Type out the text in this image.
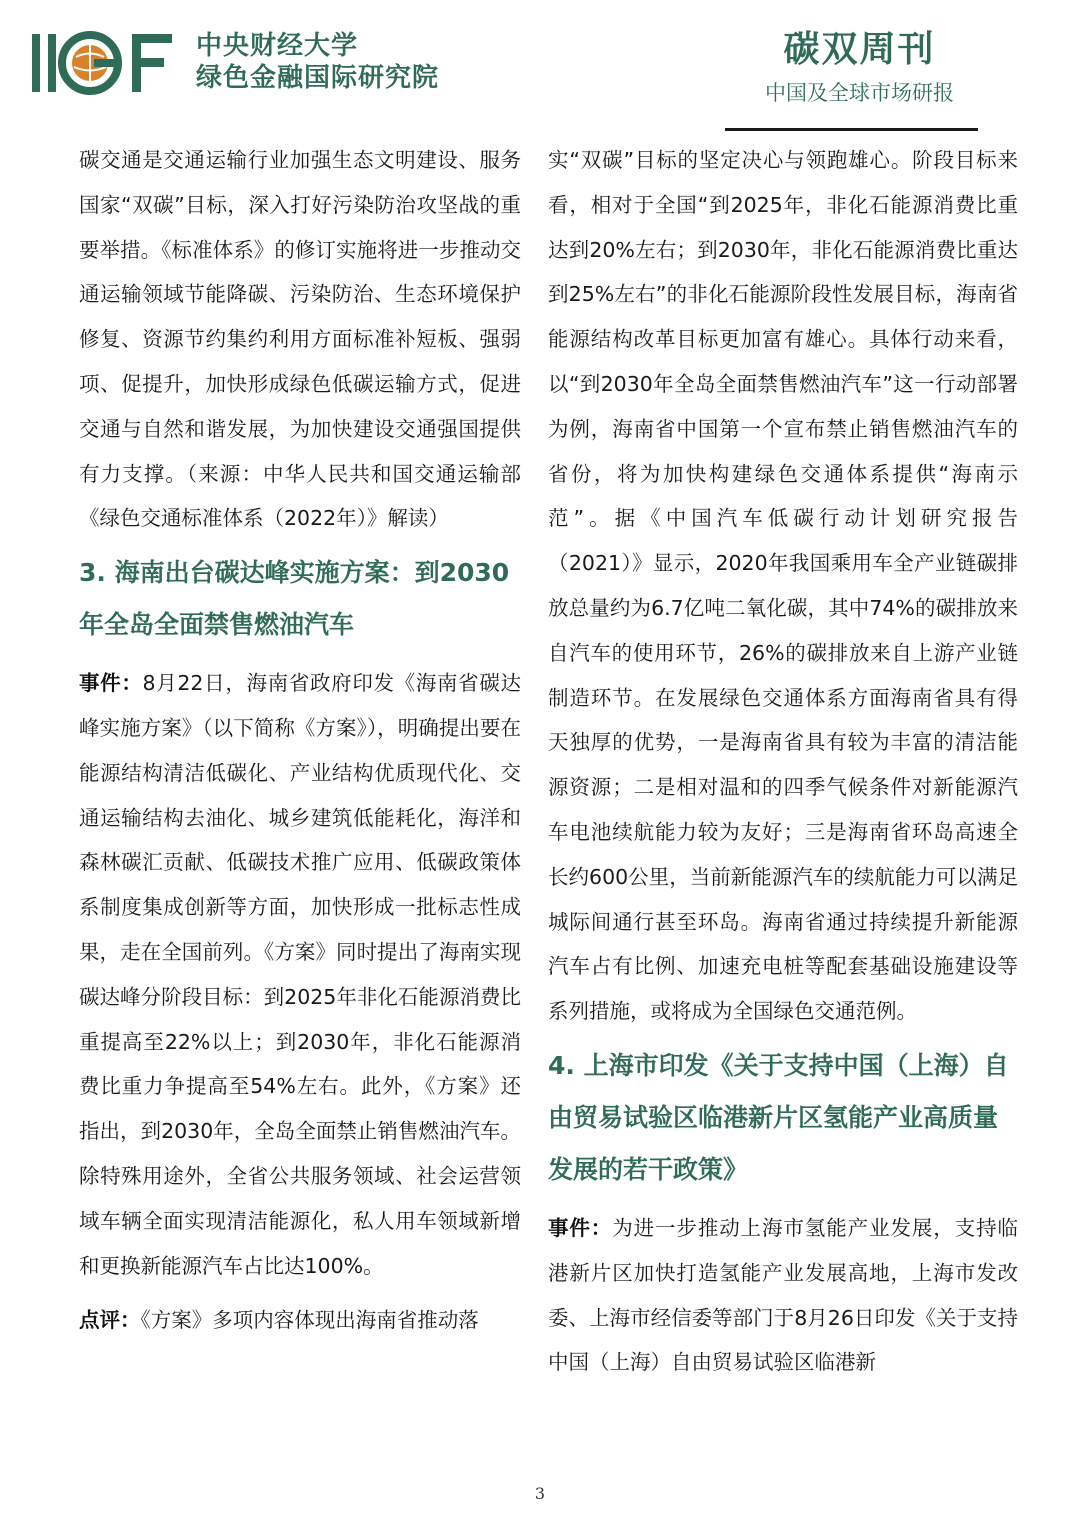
中央财经大学
绿色金融国际研究院
碳双周刊
中国及全球市场研报

碳交通是交通运输行业加强生态文明建设、服务国家“双碳”目标，深入打好污染防治攻坚战的重要举措。《标准体系》的修订实施将进一步推动交通运输领域节能降碳、污染防治、生态环境保护修复、资源节约集约利用方面标准补短板、强弱项、促提升，加快形成绿色低碳运输方式，促进交通与自然和谐发展，为加快建设交通强国提供有力支撑。（来源：中华人民共和国交通运输部 《绿色交通标准体系（2022年）》解读）

3. 海南出台碳达峰实施方案：到2030年全岛全面禁售燃油汽车

事件：8月22日，海南省政府印发《海南省碳达峰实施方案》（以下简称《方案》），明确提出要在能源结构清洁低碳化、产业结构优质现代化、交通运输结构去油化、城乡建筑低能耗化，海洋和森林碳汇贡献、低碳技术推广应用、低碳政策体系制度集成创新等方面，加快形成一批标志性成果，走在全国前列。《方案》同时提出了海南实现碳达峰分阶段目标：到2025年非化石能源消费比重提高至22%以上；到2030年，非化石能源消费比重力争提高至54%左右。此外，《方案》还指出，到2030年，全岛全面禁止销售燃油汽车。除特殊用途外，全省公共服务领域、社会运营领域车辆全面实现清洁能源化，私人用车领域新增和更换新能源汽车占比达100%。

点评：《方案》多项内容体现出海南省推动落

实“双碳”目标的坚定决心与领跑雄心。阶段目标来看，相对于全国“到2025年，非化石能源消费比重达到20%左右；到2030年，非化石能源消费比重达到25%左右”的非化石能源阶段性发展目标，海南省能源结构改革目标更加富有雄心。具体行动来看，以“到2030年全岛全面禁售燃油汽车”这一行动部署为例，海南省中国第一个宣布禁止销售燃油汽车的省份，将为加快构建绿色交通体系提供“海南示范”。据《中国汽车低碳行动计划研究报告（2021）》显示，2020年我国乘用车全产业链碳排放总量约为6.7亿吨二氧化碳，其中74%的碳排放来自汽车的使用环节，26%的碳排放来自上游产业链制造环节。在发展绿色交通体系方面海南省具有得天独厚的优势，一是海南省具有较为丰富的清洁能源资源；二是相对温和的四季气候条件对新能源汽车电池续航能力较为友好；三是海南省环岛高速全长约600公里，当前新能源汽车的续航能力可以满足城际间通行甚至环岛。海南省通过持续提升新能源汽车占有比例、加速充电桩等配套基础设施建设等系列措施，或将成为全国绿色交通范例。

4. 上海市印发《关于支持中国（上海）自由贸易试验区临港新片区氢能产业高质量发展的若干政策》

事件：为进一步推动上海市氢能产业发展，支持临港新片区加快打造氢能产业发展高地，上海市发改委、上海市经信委等部门于8月26日印发《关于支持中国（上海）自由贸易试验区临港新

3
